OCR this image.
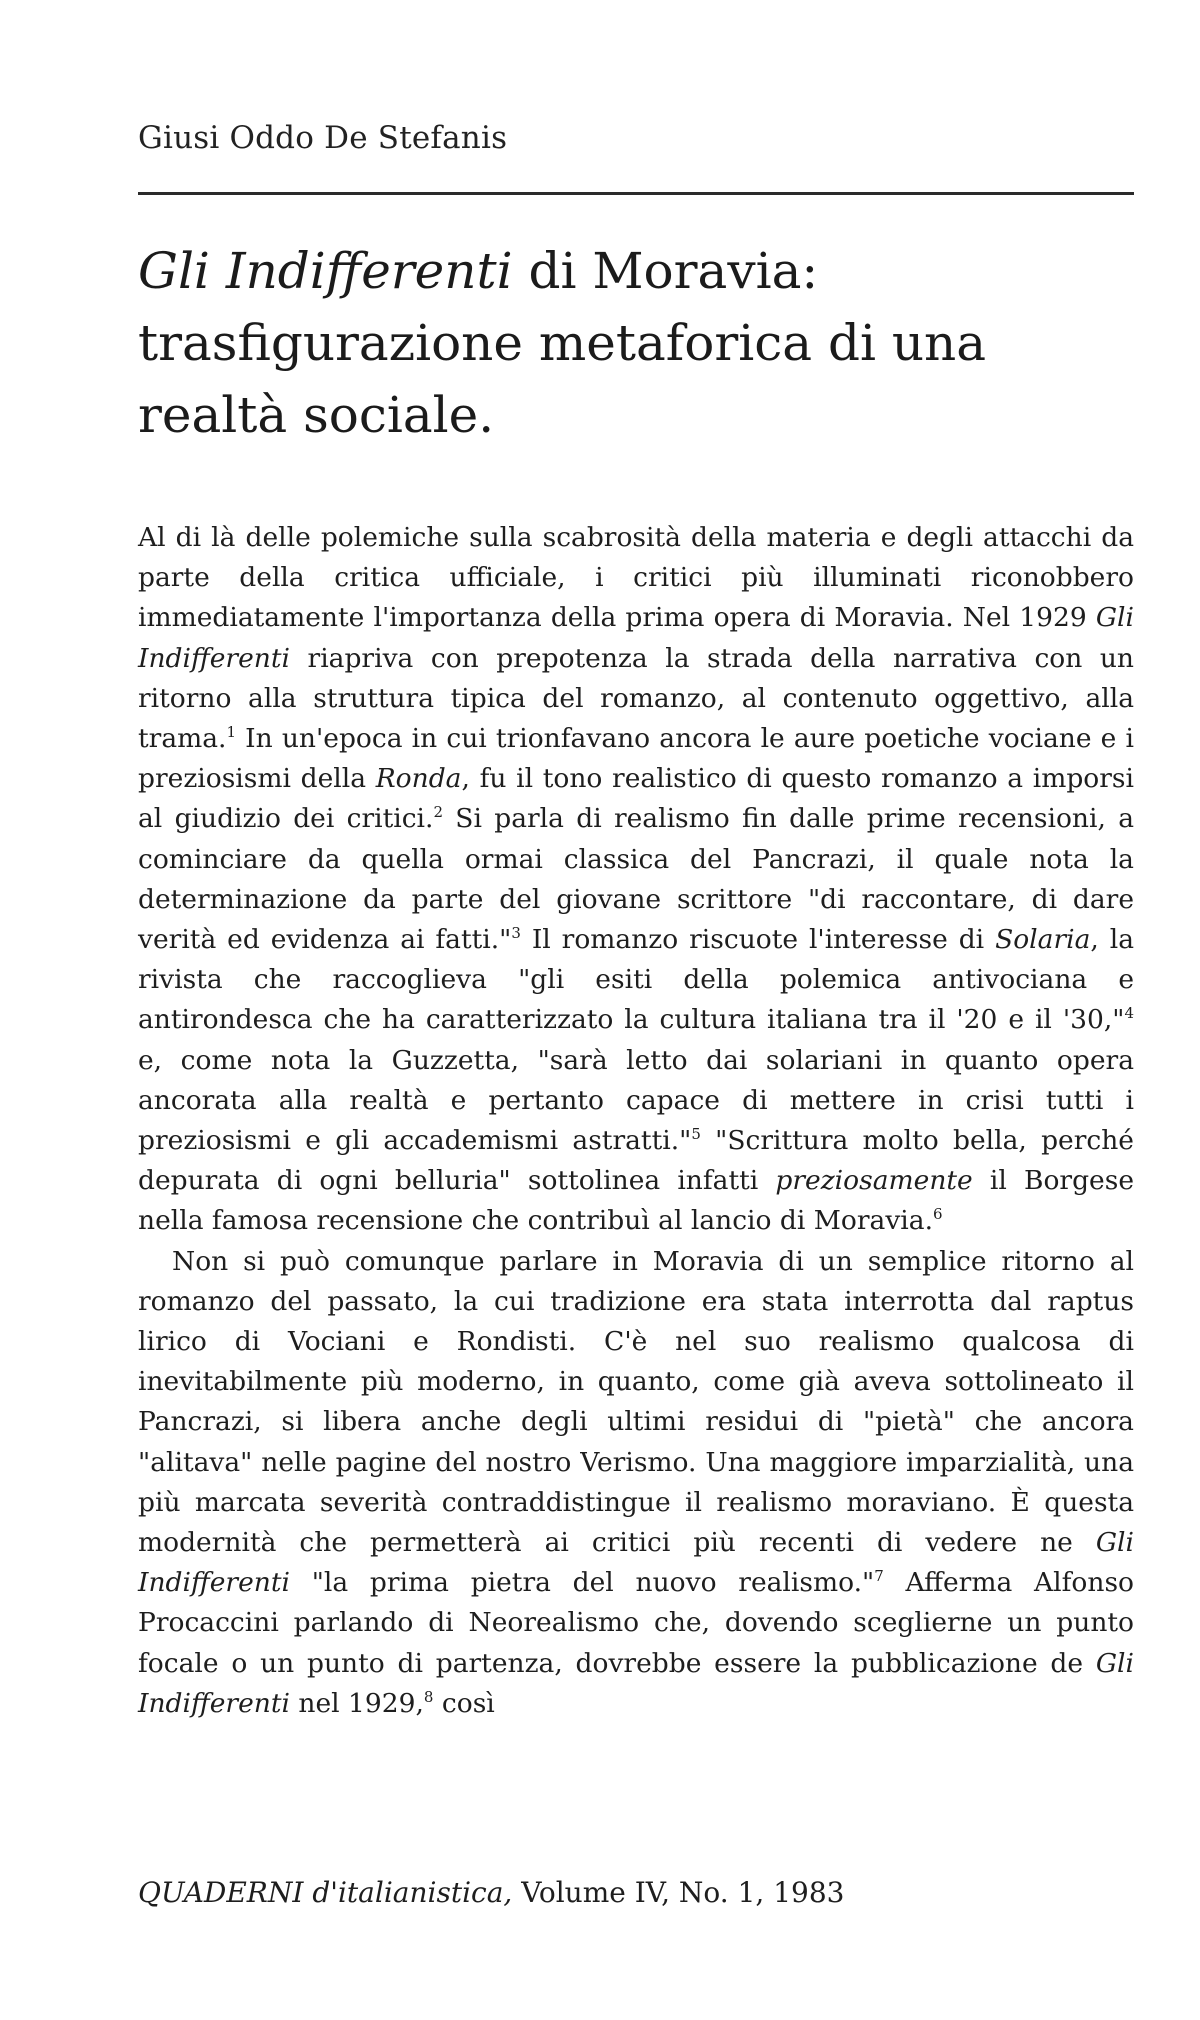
Giusi Oddo De Stefanis
Gli Indifferenti di Moravia:
trasfigurazione metaforica di una
realtà sociale.

Al di là delle polemiche sulla scabrosità della materia e degli attacchi da parte della critica ufficiale, i critici più illuminati riconobbero immediatamente l'importanza della prima opera di Moravia. Nel 1929 Gli Indifferenti riapriva con prepotenza la strada della narrativa con un ritorno alla struttura tipica del romanzo, al contenuto oggettivo, alla trama.$^1$ In un'epoca in cui trionfavano ancora le aure poetiche vociane e i preziosismi della Ronda, fu il tono realistico di questo romanzo a imporsi al giudizio dei critici.$^2$ Si parla di realismo fin dalle prime recensioni, a cominciare da quella ormai classica del Pancrazi, il quale nota la determinazione da parte del giovane scrittore "di raccontare, di dare verità ed evidenza ai fatti."$^3$ Il romanzo riscuote l'interesse di Solaria, la rivista che raccoglieva "gli esiti della polemica antivociana e antirondesca che ha caratterizzato la cultura italiana tra il '20 e il '30,"$^4$ e, come nota la Guzzetta, "sarà letto dai solariani in quanto opera ancorata alla realtà e pertanto capace di mettere in crisi tutti i preziosismi e gli accademismi astratti."$^5$ "Scrittura molto bella, perché depurata di ogni belluria" sottolinea infatti preziosamente il Borgese nella famosa recensione che contribuì al lancio di Moravia.$^6$

Non si può comunque parlare in Moravia di un semplice ritorno al romanzo del passato, la cui tradizione era stata interrotta dal raptus lirico di Vociani e Rondisti. C'è nel suo realismo qualcosa di inevitabilmente più moderno, in quanto, come già aveva sottolineato il Pancrazi, si libera anche degli ultimi residui di "pietà" che ancora "alitava" nelle pagine del nostro Verismo. Una maggiore imparzialità, una più marcata severità contraddistingue il realismo moraviano. È questa modernità che permetterà ai critici più recenti di vedere ne Gli Indifferenti "la prima pietra del nuovo realismo."$^7$ Afferma Alfonso Procaccini parlando di Neorealismo che, dovendo sceglierne un punto focale o un punto di partenza, dovrebbe essere la pubblicazione de Gli Indifferenti nel 1929,$^8$ così

QUADERNI d'italianistica, Volume IV, No. 1, 1983
